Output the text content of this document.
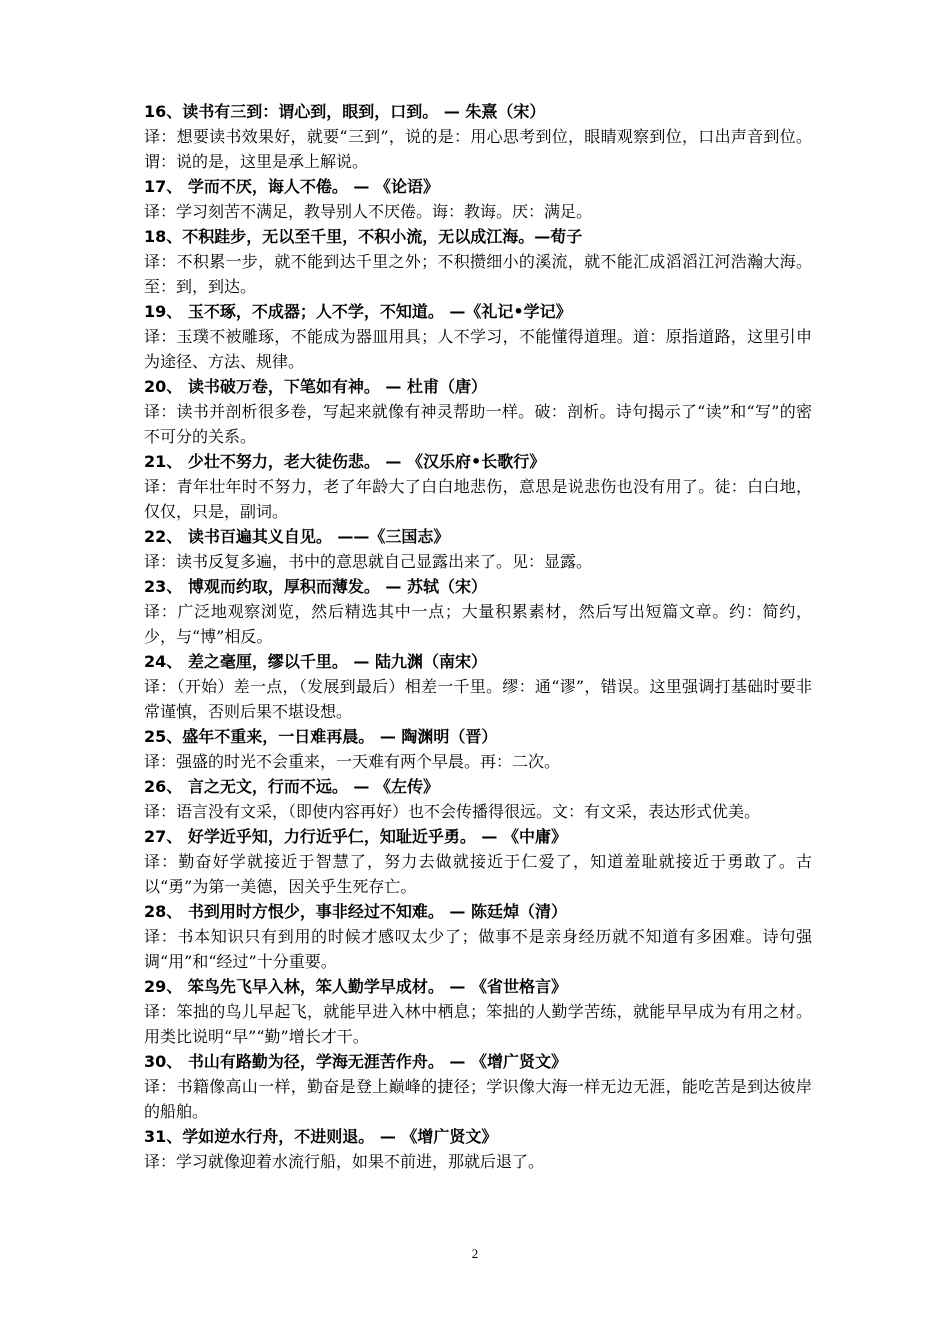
16、读书有三到：谓心到，眼到，口到。 — 朱熹（宋）
译：想要读书效果好，就要“三到”，说的是：用心思考到位，眼睛观察到位，口出声音到位。谓：说的是，这里是承上解说。
17、 学而不厌，诲人不倦。 — 《论语》
译：学习刻苦不满足，教导别人不厌倦。诲：教诲。厌：满足。
18、不积跬步，无以至千里，不积小流，无以成江海。—荀子
译：不积累一步，就不能到达千里之外；不积攒细小的溪流，就不能汇成滔滔江河浩瀚大海。至：到，到达。
19、 玉不琢，不成器；人不学，不知道。 —《礼记•学记》
译：玉璞不被雕琢，不能成为器皿用具；人不学习，不能懂得道理。道：原指道路，这里引申为途径、方法、规律。
20、 读书破万卷，下笔如有神。 — 杜甫（唐）
译：读书并剖析很多卷，写起来就像有神灵帮助一样。破：剖析。诗句揭示了“读”和“写”的密不可分的关系。
21、 少壮不努力，老大徒伤悲。 — 《汉乐府•长歌行》
译：青年壮年时不努力，老了年龄大了白白地悲伤，意思是说悲伤也没有用了。徒：白白地，仅仅，只是，副词。
22、 读书百遍其义自见。 ——《三国志》
译：读书反复多遍，书中的意思就自己显露出来了。见：显露。
23、 博观而约取，厚积而薄发。 — 苏轼（宋）
译：广泛地观察浏览，然后精选其中一点；大量积累素材，然后写出短篇文章。约：简约，少，与“博”相反。
24、 差之毫厘，缪以千里。 — 陆九渊（南宋）
译：（开始）差一点，（发展到最后）相差一千里。缪：通“谬”，错误。这里强调打基础时要非常谨慎，否则后果不堪设想。
25、盛年不重来，一日难再晨。 — 陶渊明（晋）
译：强盛的时光不会重来，一天难有两个早晨。再：二次。
26、 言之无文，行而不远。 — 《左传》
译：语言没有文采，（即使内容再好）也不会传播得很远。文：有文采，表达形式优美。
27、 好学近乎知，力行近乎仁，知耻近乎勇。 — 《中庸》
译：勤奋好学就接近于智慧了，努力去做就接近于仁爱了，知道羞耻就接近于勇敢了。古以“勇”为第一美德，因关乎生死存亡。
28、 书到用时方恨少，事非经过不知难。 — 陈廷焯（清）
译：书本知识只有到用的时候才感叹太少了；做事不是亲身经历就不知道有多困难。诗句强调“用”和“经过”十分重要。
29、 笨鸟先飞早入林，笨人勤学早成材。 — 《省世格言》
译：笨拙的鸟儿早起飞，就能早进入林中栖息；笨拙的人勤学苦练，就能早早成为有用之材。用类比说明“早”“勤”增长才干。
30、 书山有路勤为径，学海无涯苦作舟。 — 《增广贤文》
译：书籍像高山一样，勤奋是登上巅峰的捷径；学识像大海一样无边无涯，能吃苦是到达彼岸的船舶。
31、学如逆水行舟，不进则退。 — 《增广贤文》
译：学习就像迎着水流行船，如果不前进，那就后退了。
2
